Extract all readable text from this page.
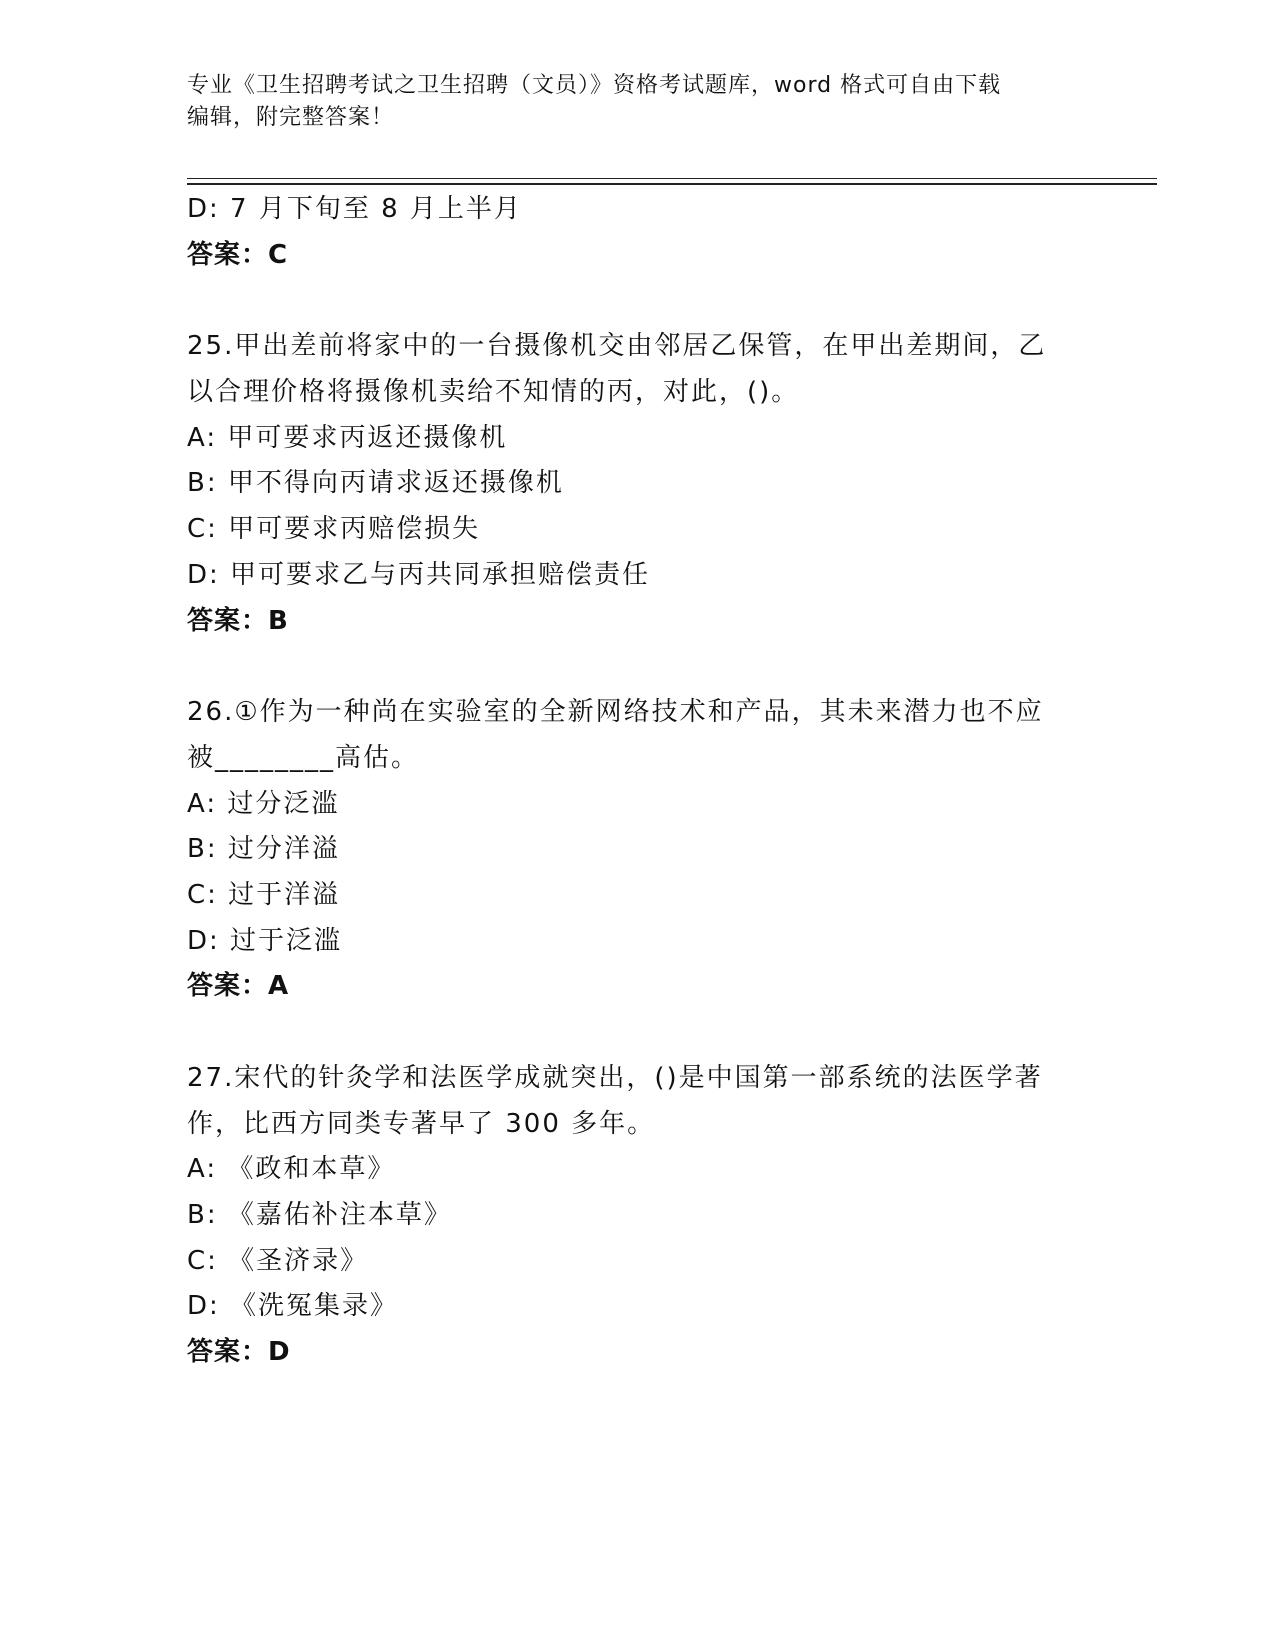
专业《卫生招聘考试之卫生招聘（文员）》资格考试题库，word 格式可自由下载
编辑，附完整答案！
D: 7 月下旬至 8 月上半月
答案：C
25.甲出差前将家中的一台摄像机交由邻居乙保管，在甲出差期间，乙
以合理价格将摄像机卖给不知情的丙，对此，()。
A: 甲可要求丙返还摄像机
B: 甲不得向丙请求返还摄像机
C: 甲可要求丙赔偿损失
D: 甲可要求乙与丙共同承担赔偿责任
答案：B
26.①作为一种尚在实验室的全新网络技术和产品，其未来潜力也不应
被________高估。
A: 过分泛滥
B: 过分洋溢
C: 过于洋溢
D: 过于泛滥
答案：A
27.宋代的针灸学和法医学成就突出，()是中国第一部系统的法医学著
作，比西方同类专著早了 300 多年。
A: 《政和本草》
B: 《嘉佑补注本草》
C: 《圣济录》
D: 《洗冤集录》
答案：D
